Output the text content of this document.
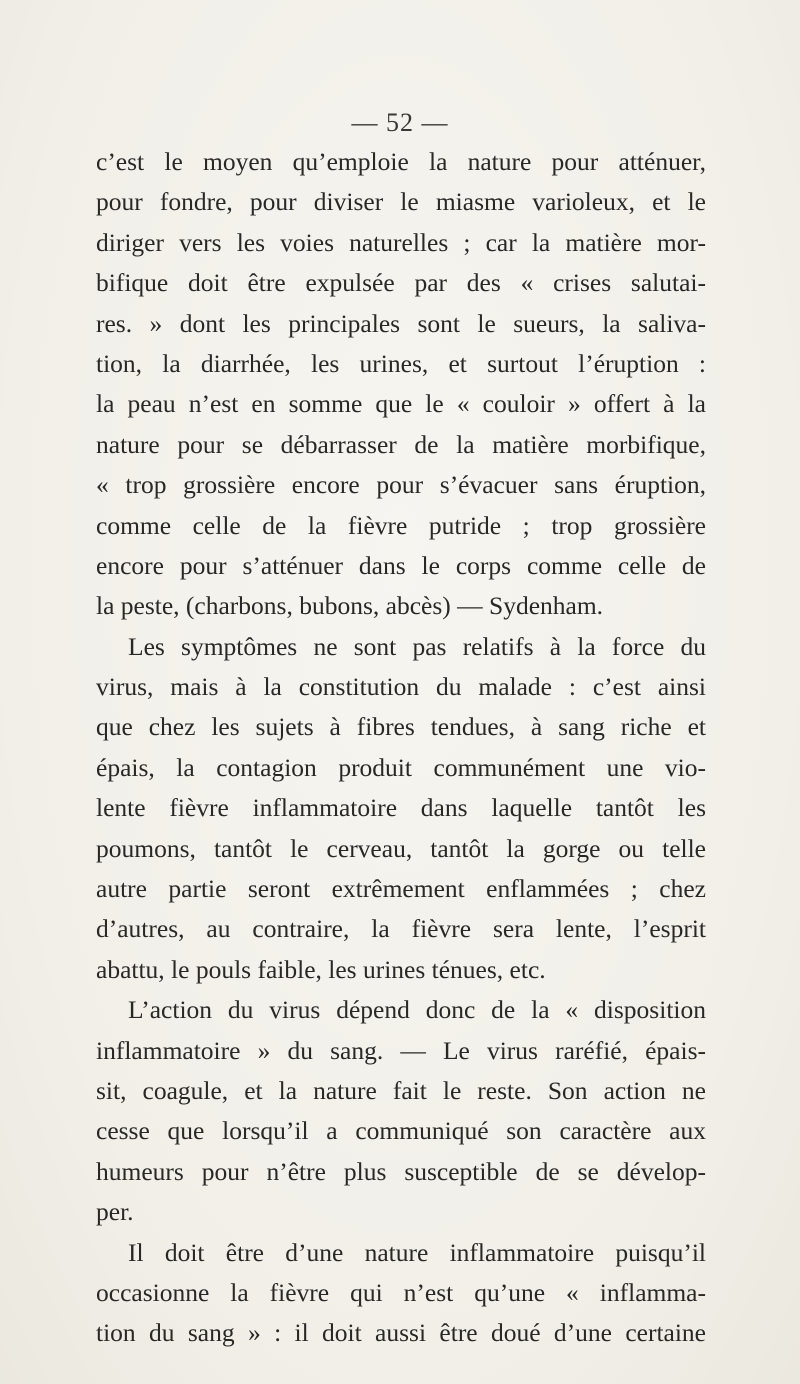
— 52 —
c’est le moyen qu’emploie la nature pour atténuer,
pour fondre, pour diviser le miasme varioleux, et le
diriger vers les voies naturelles ; car la matière mor-
bifique doit être expulsée par des « crises salutai-
res. » dont les principales sont le sueurs, la saliva-
tion, la diarrhée, les urines, et surtout l’éruption :
la peau n’est en somme que le « couloir » offert à la
nature pour se débarrasser de la matière morbifique,
« trop grossière encore pour s’évacuer sans éruption,
comme celle de la fièvre putride ; trop grossière
encore pour s’atténuer dans le corps comme celle de
la peste, (charbons, bubons, abcès) — Sydenham.
Les symptômes ne sont pas relatifs à la force du
virus, mais à la constitution du malade : c’est ainsi
que chez les sujets à fibres tendues, à sang riche et
épais, la contagion produit communément une vio-
lente fièvre inflammatoire dans laquelle tantôt les
poumons, tantôt le cerveau, tantôt la gorge ou telle
autre partie seront extrêmement enflammées ; chez
d’autres, au contraire, la fièvre sera lente, l’esprit
abattu, le pouls faible, les urines ténues, etc.
L’action du virus dépend donc de la « disposition
inflammatoire » du sang. — Le virus raréfié, épais-
sit, coagule, et la nature fait le reste. Son action ne
cesse que lorsqu’il a communiqué son caractère aux
humeurs pour n’être plus susceptible de se dévelop-
per.
Il doit être d’une nature inflammatoire puisqu’il
occasionne la fièvre qui n’est qu’une « inflamma-
tion du sang » : il doit aussi être doué d’une certaine
